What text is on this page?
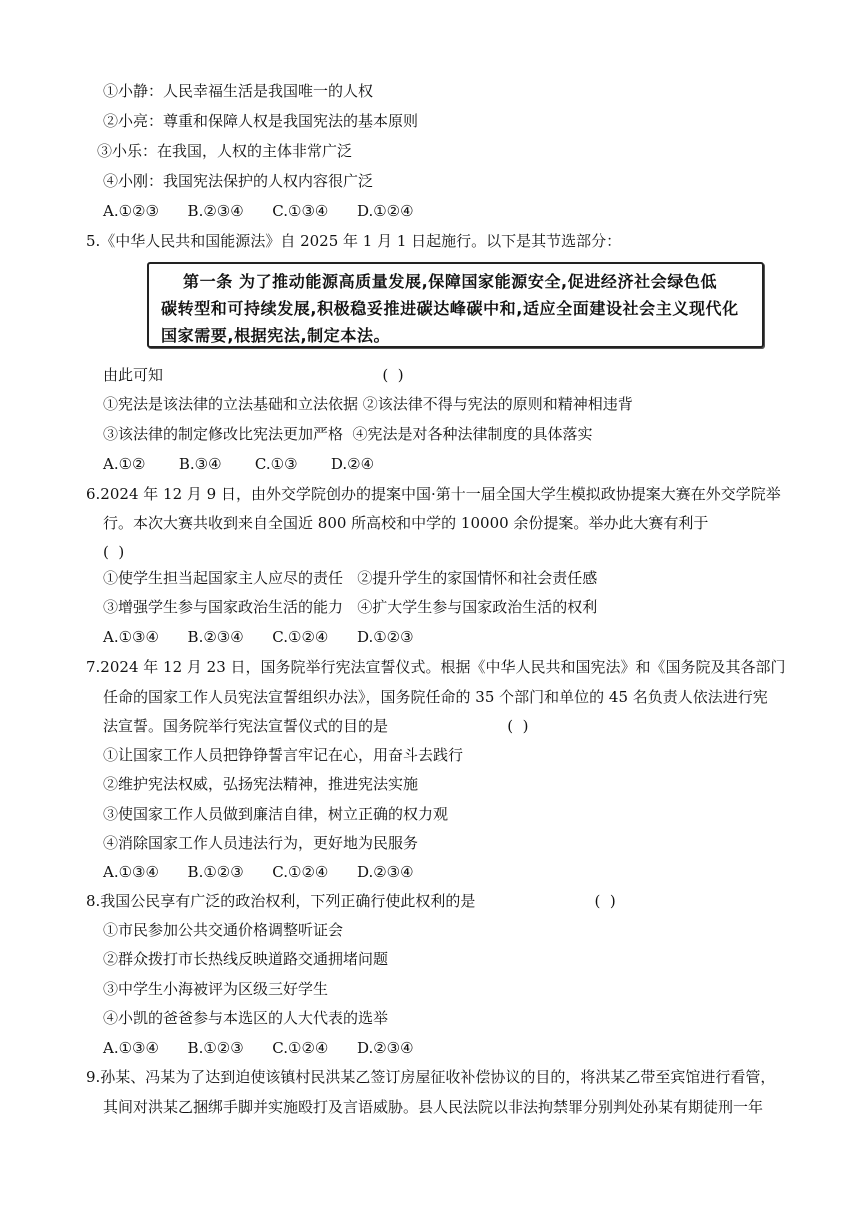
①小静：人民幸福生活是我国唯一的人权
②小亮：尊重和保障人权是我国宪法的基本原则
③小乐：在我国，人权的主体非常广泛
④小刚：我国宪法保护的人权内容很广泛
A.①②③      B.②③④      C.①③④      D.①②④
5.《中华人民共和国能源法》自 2025 年 1 月 1 日起施行。以下是其节选部分：
第一条 为了推动能源高质量发展,保障国家能源安全,促进经济社会绿色低
碳转型和可持续发展,积极稳妥推进碳达峰碳中和,适应全面建设社会主义现代化
国家需要,根据宪法,制定本法。
由此可知                                              (  )
①宪法是该法律的立法基础和立法依据 ②该法律不得与宪法的原则和精神相违背
③该法律的制定修改比宪法更加严格  ④宪法是对各种法律制度的具体落实
A.①②       B.③④       C.①③       D.②④
6.2024 年 12 月 9 日，由外交学院创办的提案中国·第十一届全国大学生模拟政协提案大赛在外交学院举
行。本次大赛共收到来自全国近 800 所高校和中学的 10000 余份提案。举办此大赛有利于
(  )
①使学生担当起国家主人应尽的责任   ②提升学生的家国情怀和社会责任感
③增强学生参与国家政治生活的能力   ④扩大学生参与国家政治生活的权利
A.①③④      B.②③④      C.①②④      D.①②③
7.2024 年 12 月 23 日，国务院举行宪法宣誓仪式。根据《中华人民共和国宪法》和《国务院及其各部门
任命的国家工作人员宪法宣誓组织办法》，国务院任命的 35 个部门和单位的 45 名负责人依法进行宪
法宣誓。国务院举行宪法宣誓仪式的目的是                         (  )
①让国家工作人员把铮铮誓言牢记在心，用奋斗去践行
②维护宪法权威，弘扬宪法精神，推进宪法实施
③使国家工作人员做到廉洁自律，树立正确的权力观
④消除国家工作人员违法行为，更好地为民服务
A.①③④      B.①②③      C.①②④      D.②③④
8.我国公民享有广泛的政治权利，下列正确行使此权利的是                         (  )
①市民参加公共交通价格调整听证会
②群众拨打市长热线反映道路交通拥堵问题
③中学生小海被评为区级三好学生
④小凯的爸爸参与本选区的人大代表的选举
A.①③④      B.①②③      C.①②④      D.②③④
9.孙某、冯某为了达到迫使该镇村民洪某乙签订房屋征收补偿协议的目的，将洪某乙带至宾馆进行看管，
其间对洪某乙捆绑手脚并实施殴打及言语威胁。县人民法院以非法拘禁罪分别判处孙某有期徒刑一年
